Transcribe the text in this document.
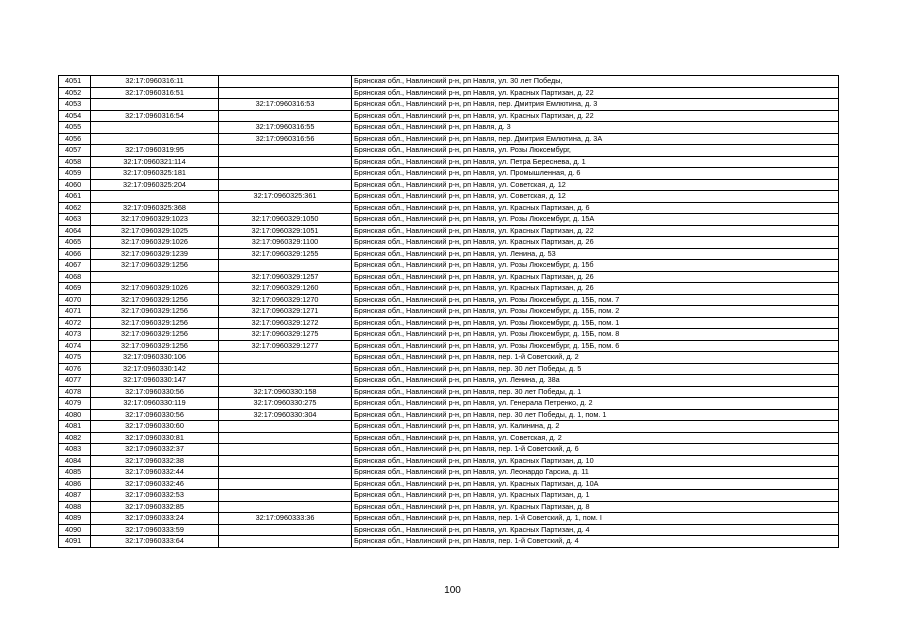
4051	32:17:0960316:11		Брянская обл., Навлинский р-н, рп Навля, ул. 30 лет Победы,
4052	32:17:0960316:51		Брянская обл., Навлинский р-н, рп Навля, ул. Красных Партизан, д. 22
4053		32:17:0960316:53	Брянская обл., Навлинский р-н, рп Навля, пер. Дмитрия Емлютина, д. 3
4054	32:17:0960316:54		Брянская обл., Навлинский р-н, рп Навля, ул. Красных Партизан, д. 22
4055		32:17:0960316:55	Брянская обл., Навлинский р-н, рп Навля, д. 3
4056		32:17:0960316:56	Брянская обл., Навлинский р-н, рп Навля, пер. Дмитрия Емлютина, д. 3А
4057	32:17:0960319:95		Брянская обл., Навлинский р-н, рп Навля, ул. Розы Люксембург,
4058	32:17:0960321:114		Брянская обл., Навлинский р-н, рп Навля, ул. Петра Береснева, д. 1
4059	32:17:0960325:181		Брянская обл., Навлинский р-н, рп Навля, ул. Промышленная, д. 6
4060	32:17:0960325:204		Брянская обл., Навлинский р-н, рп Навля, ул. Советская, д. 12
4061		32:17:0960325:361	Брянская обл., Навлинский р-н, рп Навля, ул. Советская, д. 12
4062	32:17:0960325:368		Брянская обл., Навлинский р-н, рп Навля, ул. Красных Партизан, д. 6
4063	32:17:0960329:1023	32:17:0960329:1050	Брянская обл., Навлинский р-н, рп Навля, ул. Розы Люксембург, д. 15А
4064	32:17:0960329:1025	32:17:0960329:1051	Брянская обл., Навлинский р-н, рп Навля, ул. Красных Партизан, д. 22
4065	32:17:0960329:1026	32:17:0960329:1100	Брянская обл., Навлинский р-н, рп Навля, ул. Красных Партизан, д. 26
4066	32:17:0960329:1239	32:17:0960329:1255	Брянская обл., Навлинский р-н, рп Навля, ул. Ленина, д. 53
4067	32:17:0960329:1256		Брянская обл., Навлинский р-н, рп Навля, ул. Розы Люксембург, д. 15б
4068		32:17:0960329:1257	Брянская обл., Навлинский р-н, рп Навля, ул. Красных Партизан, д. 26
4069	32:17:0960329:1026	32:17:0960329:1260	Брянская обл., Навлинский р-н, рп Навля, ул. Красных Партизан, д. 26
4070	32:17:0960329:1256	32:17:0960329:1270	Брянская обл., Навлинский р-н, рп Навля, ул. Розы Люксембург, д. 15Б, пом. 7
4071	32:17:0960329:1256	32:17:0960329:1271	Брянская обл., Навлинский р-н, рп Навля, ул. Розы Люксембург, д. 15Б, пом. 2
4072	32:17:0960329:1256	32:17:0960329:1272	Брянская обл., Навлинский р-н, рп Навля, ул. Розы Люксембург, д. 15Б, пом. 1
4073	32:17:0960329:1256	32:17:0960329:1275	Брянская обл., Навлинский р-н, рп Навля, ул. Розы Люксембург, д. 15Б, пом. 8
4074	32:17:0960329:1256	32:17:0960329:1277	Брянская обл., Навлинский р-н, рп Навля, ул. Розы Люксембург, д. 15Б, пом. 6
4075	32:17:0960330:106		Брянская обл., Навлинский р-н, рп Навля, пер. 1-й Советский, д. 2
4076	32:17:0960330:142		Брянская обл., Навлинский р-н, рп Навля, пер. 30 лет Победы, д. 5
4077	32:17:0960330:147		Брянская обл., Навлинский р-н, рп Навля, ул. Ленина, д. 38а
4078	32:17:0960330:56	32:17:0960330:158	Брянская обл., Навлинский р-н, рп Навля, пер. 30 лет Победы, д. 1
4079	32:17:0960330:119	32:17:0960330:275	Брянская обл., Навлинский р-н, рп Навля, ул. Генерала Петренко, д. 2
4080	32:17:0960330:56	32:17:0960330:304	Брянская обл., Навлинский р-н, рп Навля, пер. 30 лет Победы, д. 1, пом. 1
4081	32:17:0960330:60		Брянская обл., Навлинский р-н, рп Навля, ул. Калинина, д. 2
4082	32:17:0960330:81		Брянская обл., Навлинский р-н, рп Навля, ул. Советская, д. 2
4083	32:17:0960332:37		Брянская обл., Навлинский р-н, рп Навля, пер. 1-й Советский, д. 6
4084	32:17:0960332:38		Брянская обл., Навлинский р-н, рп Навля, ул. Красных Партизан, д. 10
4085	32:17:0960332:44		Брянская обл., Навлинский р-н, рп Навля, ул. Леонардо Гарсиа, д. 11
4086	32:17:0960332:46		Брянская обл., Навлинский р-н, рп Навля, ул. Красных Партизан, д. 10А
4087	32:17:0960332:53		Брянская обл., Навлинский р-н, рп Навля, ул. Красных Партизан, д. 1
4088	32:17:0960332:85		Брянская обл., Навлинский р-н, рп Навля, ул. Красных Партизан, д. 8
4089	32:17:0960333:24	32:17:0960333:36	Брянская обл., Навлинский р-н, рп Навля, пер. 1-й Советский, д. 1, пом. I
4090	32:17:0960333:59		Брянская обл., Навлинский р-н, рп Навля, ул. Красных Партизан, д. 4
4091	32:17:0960333:64		Брянская обл., Навлинский р-н, рп Навля, пер. 1-й Советский, д. 4
100
